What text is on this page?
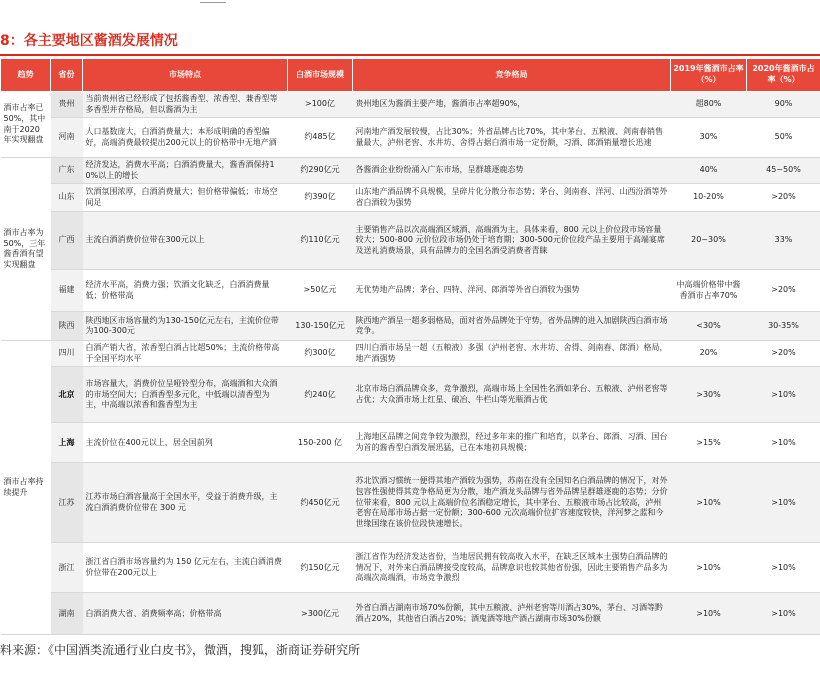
8：各主要地区酱酒发展情况
趋势	省份	市场特点	白酒市场规模	竞争格局	2019年酱酒市占率（%）	2020年酱酒市占率（%）
酒市占率已50%，其中南于2020年实现翻盘	贵州	当前贵州省已经形成了包括酱香型、浓香型、兼香型等多香型并存格局，但以酱酒为主	>100亿	贵州地区为酱酒主要产地，酱酒市占率超90%，	超80%	90%
	河南	人口基数庞大，白酒消费量大；本形成明确的香型偏好，高端消费最较提出200元以上的价格带中无地产酒	约485亿	河南地产酒发展较慢，占比30%；外省品牌占比70%，其中茅台、五粮液、剑南春销售量最大，泸州老窖、水井坊、舍得占据白酒市场一定份额，习酒、郎酒销量增长迅速	30%	50%
酒市占率为50%，三年酱香酒有望实现翻盘	广东	经济发达，消费水平高；白酒消费量大，酱香酒保持10%以上的增长	约290亿元	各酱酒企业纷纷涌入广东市场，呈群雄逐鹿态势	40%	45~50%
	山东	饮酒氛围浓厚，白酒消费量大；但价格带偏低；市场空间足	约390亿	山东地产酒品牌不具规模，呈碎片化分散分布态势；茅台、剑南春、洋河、山西汾酒等外省白酒较为强势	10-20%	>20%
	广西	主流白酒消费价位带在300元以上	约110亿元	主要销售产品以次高端酒区域酒、高端酒为主。具体来看，800 元以上价位段市场容量较大；500-800 元价位段市场仍处于培育期；300-500元价位段产品主要用于高端宴席及送礼消费场景，具有品牌力的全国名酒受消费者青睐	20~30%	33%
	福建	经济水平高，消费力强；饮酒文化缺乏，白酒消费量低；价格带高	>50亿元	无优势地产品牌；茅台、四特、洋河、郎酒等外省白酒较为强势	中高端价格带中酱香酒市占率70%	>20%
	陕西	陕西地区市场容量约为130-150亿元左右，主流价位带为100-300元	130-150亿元	陕西地产酒呈一超多弱格局，面对省外品牌处于守势，省外品牌的进入加剧陕西白酒市场竞争。	<30%	30-35%
酒市占率持续提升	四川	白酒产销大省，浓香型白酒占比超50%；主流价格带高于全国平均水平	约300亿	四川白酒市场呈一超（五粮液）多强（泸州老窖、水井坊、舍得、剑南春、郎酒）格局，地产酒强势	20%	>20%
	北京	市场容量大，消费价位呈哑铃型分布，高端酒和大众酒的市场空间大；白酒香型多元化，中低端以清香型为主，中高端以浓香和酱香型为主	约240亿	北京市场白酒品牌众多，竞争激烈，高端市场上全国性名酒如茅台、五粮液、泸州老窖等占优；大众酒市场上红星、破冶、牛栏山等光瓶酒占优	>30%	>10%
	上海	主流价位在400元以上，居全国前列	150-200 亿	上海地区品牌之间竞争较为激烈，经过多年来的推广和培育，以茅台、郎酒、习酒、国台为首的酱香型白酒发展迅猛，已在本地初具规模；	>15%	>10%
	江苏	江苏市场白酒容量高于全国水平，受益于消费升级，主流白酒消费价位带在 300 元	约450亿元	苏北饮酒习惯统一便得其地产酒较为强势，苏南在没有全国知名白酒品牌的情况下，对外包容性强使得其竞争格局更为分散，地产酒龙头品牌与省外品牌呈群雄逐鹿的态势；分价位带来看，800 元以上高端价位名酒稳定增长，其中茅台、五粮液市场占比较高，泸州老窖在局部市场占据一定份额；300-600 元次高端价位扩容速度较快，洋河梦之蓝和今世缘国缘在该价位段快速增长。	>10%	>10%
	浙江	浙江省白酒市场容量约为 150 亿元左右，主流白酒消费价位带在200元以上	约150亿元	浙江省作为经济发达省份，当地居民拥有较高收入水平，在缺乏区域本土强势白酒品牌的情况下，对外来白酒品牌接受度较高，品牌意识也较其他省份强，因此主要销售产品多为高端次高端酒，市场竞争激烈	>10%	>10%
	湖南	白酒消费大省、消费频率高；价格带高	>300亿元	外省白酒占湖南市场70%份额，其中五粮液、泸州老窖等川酒占30%，茅台、习酒等黔酒占20%，其他省白酒占20%；酒鬼酒等地产酒占湖南市场30%份额	>10%	>10%
料来源：《中国酒类流通行业白皮书》，微酒，搜狐，浙商证券研究所
